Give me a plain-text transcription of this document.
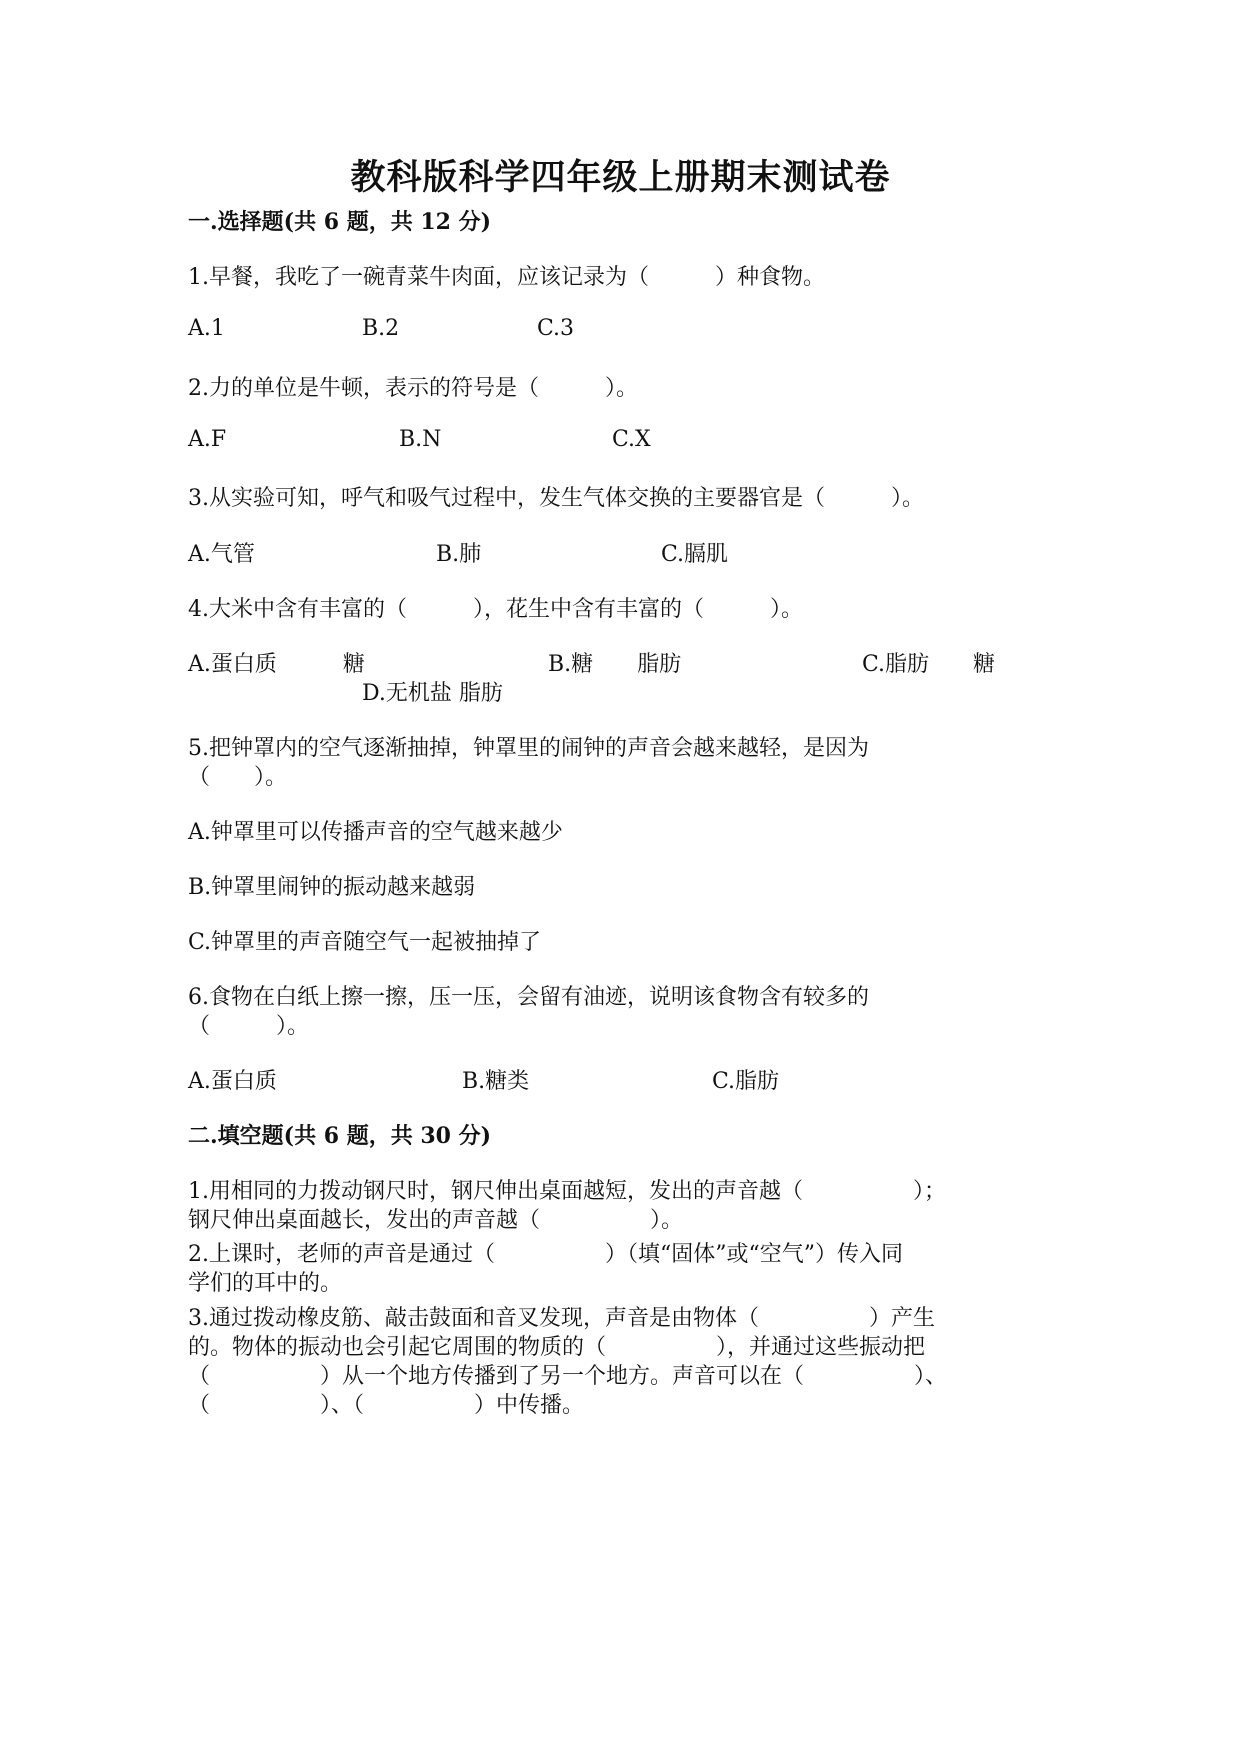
教科版科学四年级上册期末测试卷
一.选择题(共 6 题，共 12 分)
1.早餐，我吃了一碗青菜牛肉面，应该记录为（　　　）种食物。
A.1	B.2	C.3
2.力的单位是牛顿，表示的符号是（　　　）。
A.F	B.N	C.X
3.从实验可知，呼气和吸气过程中，发生气体交换的主要器官是（　　　）。
A.气管	B.肺	C.膈肌
4.大米中含有丰富的（　　　），花生中含有丰富的（　　　）。
A.蛋白质　　　糖	B.糖　　脂肪	C.脂肪　　糖
D.无机盐 脂肪
5.把钟罩内的空气逐渐抽掉，钟罩里的闹钟的声音会越来越轻，是因为
（　　）。
A.钟罩里可以传播声音的空气越来越少
B.钟罩里闹钟的振动越来越弱
C.钟罩里的声音随空气一起被抽掉了
6.食物在白纸上擦一擦，压一压，会留有油迹，说明该食物含有较多的
（　　　）。
A.蛋白质	B.糖类	C.脂肪
二.填空题(共 6 题，共 30 分)
1.用相同的力拨动钢尺时，钢尺伸出桌面越短，发出的声音越（　　　　　）；
钢尺伸出桌面越长，发出的声音越（　　　　　）。
2.上课时，老师的声音是通过（　　　　　）（填“固体”或“空气”）传入同
学们的耳中的。
3.通过拨动橡皮筋、敲击鼓面和音叉发现，声音是由物体（　　　　　）产生
的。物体的振动也会引起它周围的物质的（　　　　　），并通过这些振动把
（　　　　　）从一个地方传播到了另一个地方。声音可以在（　　　　　）、
（　　　　　）、（　　　　　）中传播。
